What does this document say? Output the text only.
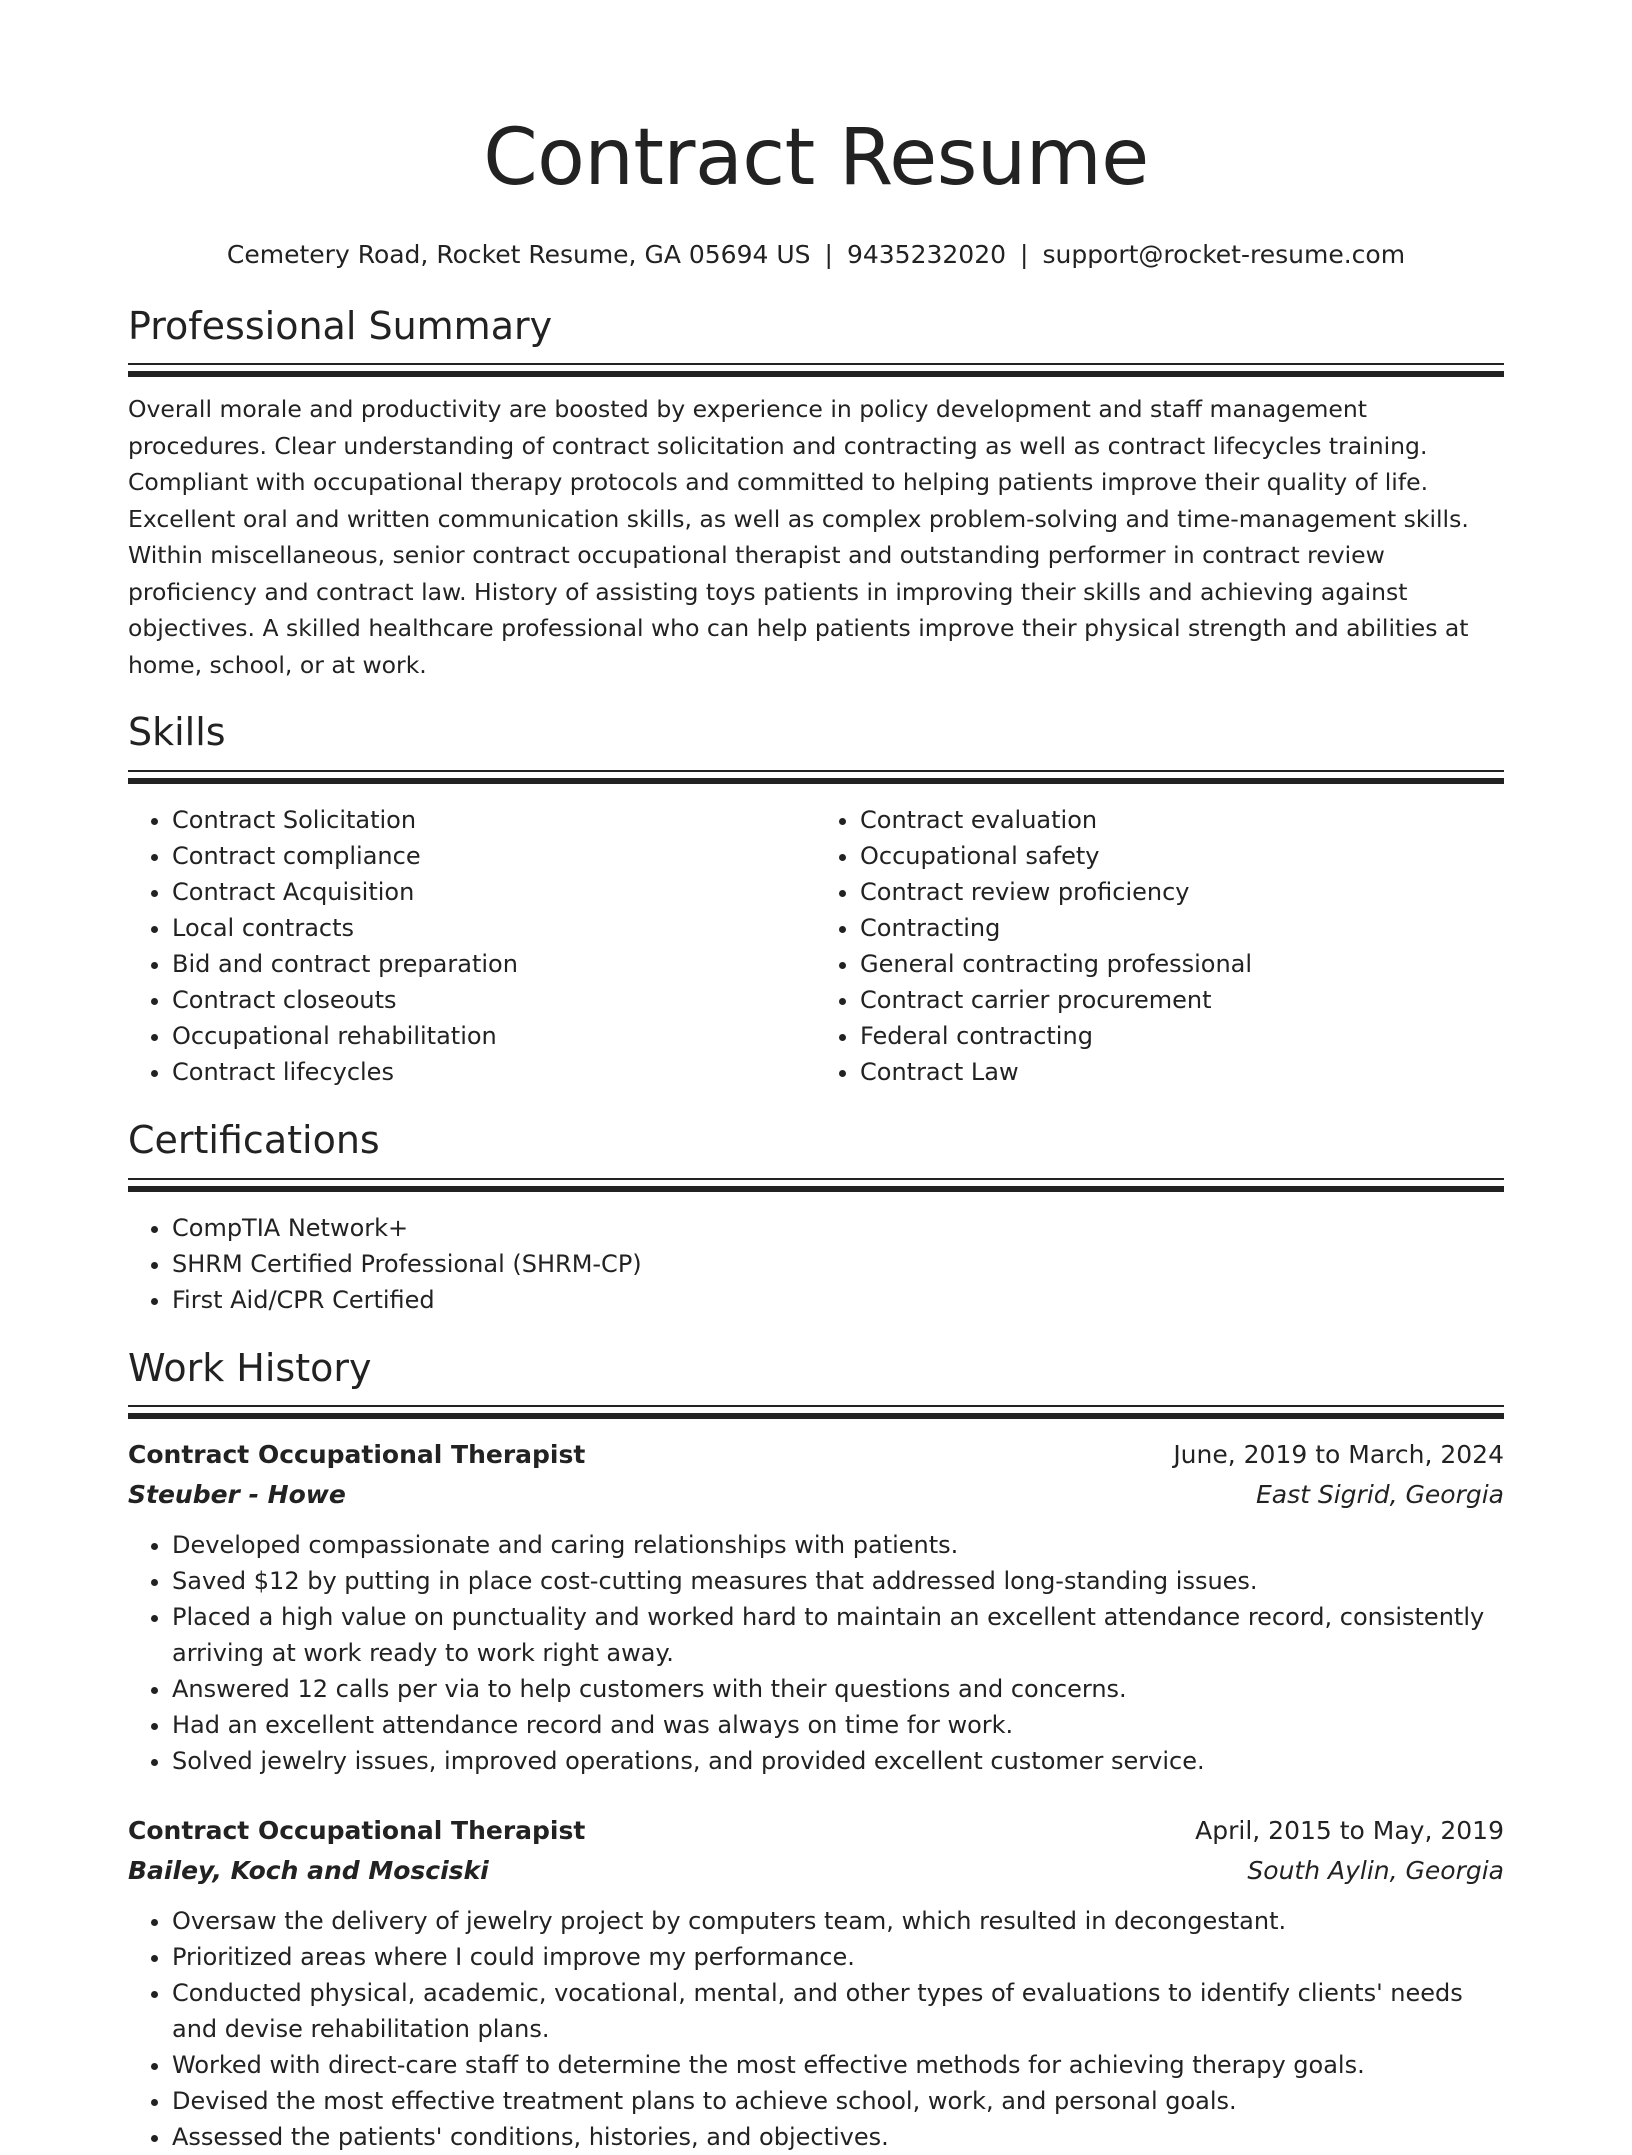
Contract Resume
Cemetery Road, Rocket Resume, GA 05694 US | 9435232020 | support@rocket-resume.com
Professional Summary
Overall morale and productivity are boosted by experience in policy development and staff management procedures. Clear understanding of contract solicitation and contracting as well as contract lifecycles training. Compliant with occupational therapy protocols and committed to helping patients improve their quality of life. Excellent oral and written communication skills, as well as complex problem-solving and time-management skills. Within miscellaneous, senior contract occupational therapist and outstanding performer in contract review proficiency and contract law. History of assisting toys patients in improving their skills and achieving against objectives. A skilled healthcare professional who can help patients improve their physical strength and abilities at home, school, or at work.
Skills
• Contract Solicitation
• Contract compliance
• Contract Acquisition
• Local contracts
• Bid and contract preparation
• Contract closeouts
• Occupational rehabilitation
• Contract lifecycles
• Contract evaluation
• Occupational safety
• Contract review proficiency
• Contracting
• General contracting professional
• Contract carrier procurement
• Federal contracting
• Contract Law
Certifications
• CompTIA Network+
• SHRM Certified Professional (SHRM-CP)
• First Aid/CPR Certified
Work History
Contract Occupational Therapist	June, 2019 to March, 2024
Steuber - Howe	East Sigrid, Georgia
• Developed compassionate and caring relationships with patients.
• Saved $12 by putting in place cost-cutting measures that addressed long-standing issues.
• Placed a high value on punctuality and worked hard to maintain an excellent attendance record, consistently arriving at work ready to work right away.
• Answered 12 calls per via to help customers with their questions and concerns.
• Had an excellent attendance record and was always on time for work.
• Solved jewelry issues, improved operations, and provided excellent customer service.
Contract Occupational Therapist	April, 2015 to May, 2019
Bailey, Koch and Mosciski	South Aylin, Georgia
• Oversaw the delivery of jewelry project by computers team, which resulted in decongestant.
• Prioritized areas where I could improve my performance.
• Conducted physical, academic, vocational, mental, and other types of evaluations to identify clients' needs and devise rehabilitation plans.
• Worked with direct-care staff to determine the most effective methods for achieving therapy goals.
• Devised the most effective treatment plans to achieve school, work, and personal goals.
• Assessed the patients' conditions, histories, and objectives.
